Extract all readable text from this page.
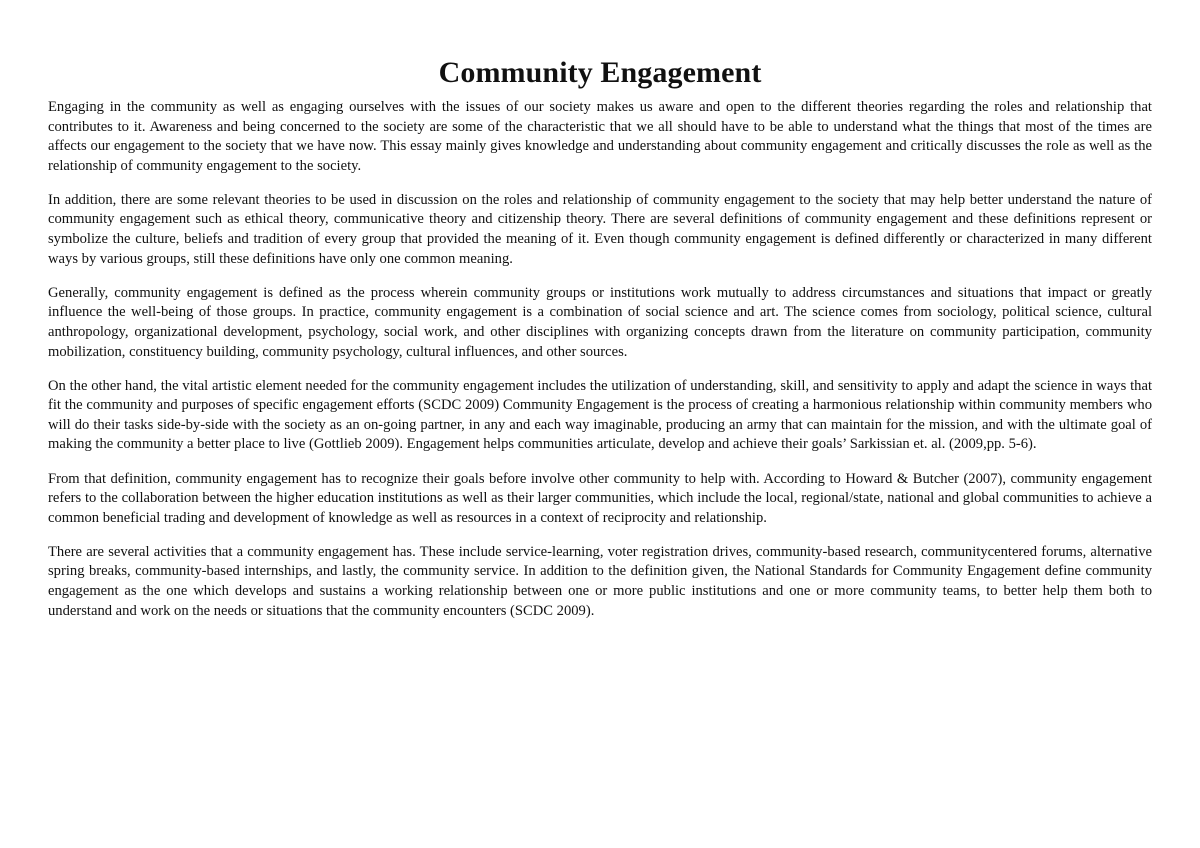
Community Engagement

Engaging in the community as well as engaging ourselves with the issues of our society makes us aware and open to the different theories regarding the roles and relationship that contributes to it. Awareness and being concerned to the society are some of the characteristic that we all should have to be able to understand what the things that most of the times are affects our engagement to the society that we have now. This essay mainly gives knowledge and understanding about community engagement and critically discusses the role as well as the relationship of community engagement to the society.

In addition, there are some relevant theories to be used in discussion on the roles and relationship of community engagement to the society that may help better understand the nature of community engagement such as ethical theory, communicative theory and citizenship theory. There are several definitions of community engagement and these definitions represent or symbolize the culture, beliefs and tradition of every group that provided the meaning of it. Even though community engagement is defined differently or characterized in many different ways by various groups, still these definitions have only one common meaning.

Generally, community engagement is defined as the process wherein community groups or institutions work mutually to address circumstances and situations that impact or greatly influence the well-being of those groups. In practice, community engagement is a combination of social science and art. The science comes from sociology, political science, cultural anthropology, organizational development, psychology, social work, and other disciplines with organizing concepts drawn from the literature on community participation, community mobilization, constituency building, community psychology, cultural influences, and other sources.

On the other hand, the vital artistic element needed for the community engagement includes the utilization of understanding, skill, and sensitivity to apply and adapt the science in ways that fit the community and purposes of specific engagement efforts (SCDC 2009) Community Engagement is the process of creating a harmonious relationship within community members who will do their tasks side-by-side with the society as an on-going partner, in any and each way imaginable, producing an army that can maintain for the mission, and with the ultimate goal of making the community a better place to live (Gottlieb 2009). Engagement helps communities articulate, develop and achieve their goals’ Sarkissian et. al. (2009,pp. 5-6).

From that definition, community engagement has to recognize their goals before involve other community to help with. According to Howard & Butcher (2007), community engagement refers to the collaboration between the higher education institutions as well as their larger communities, which include the local, regional/state, national and global communities to achieve a common beneficial trading and development of knowledge as well as resources in a context of reciprocity and relationship.

There are several activities that a community engagement has. These include service-learning, voter registration drives, community-based research, communitycentered forums, alternative spring breaks, community-based internships, and lastly, the community service. In addition to the definition given, the National Standards for Community Engagement define community engagement as the one which develops and sustains a working relationship between one or more public institutions and one or more community teams, to better help them both to understand and work on the needs or situations that the community encounters (SCDC 2009).
